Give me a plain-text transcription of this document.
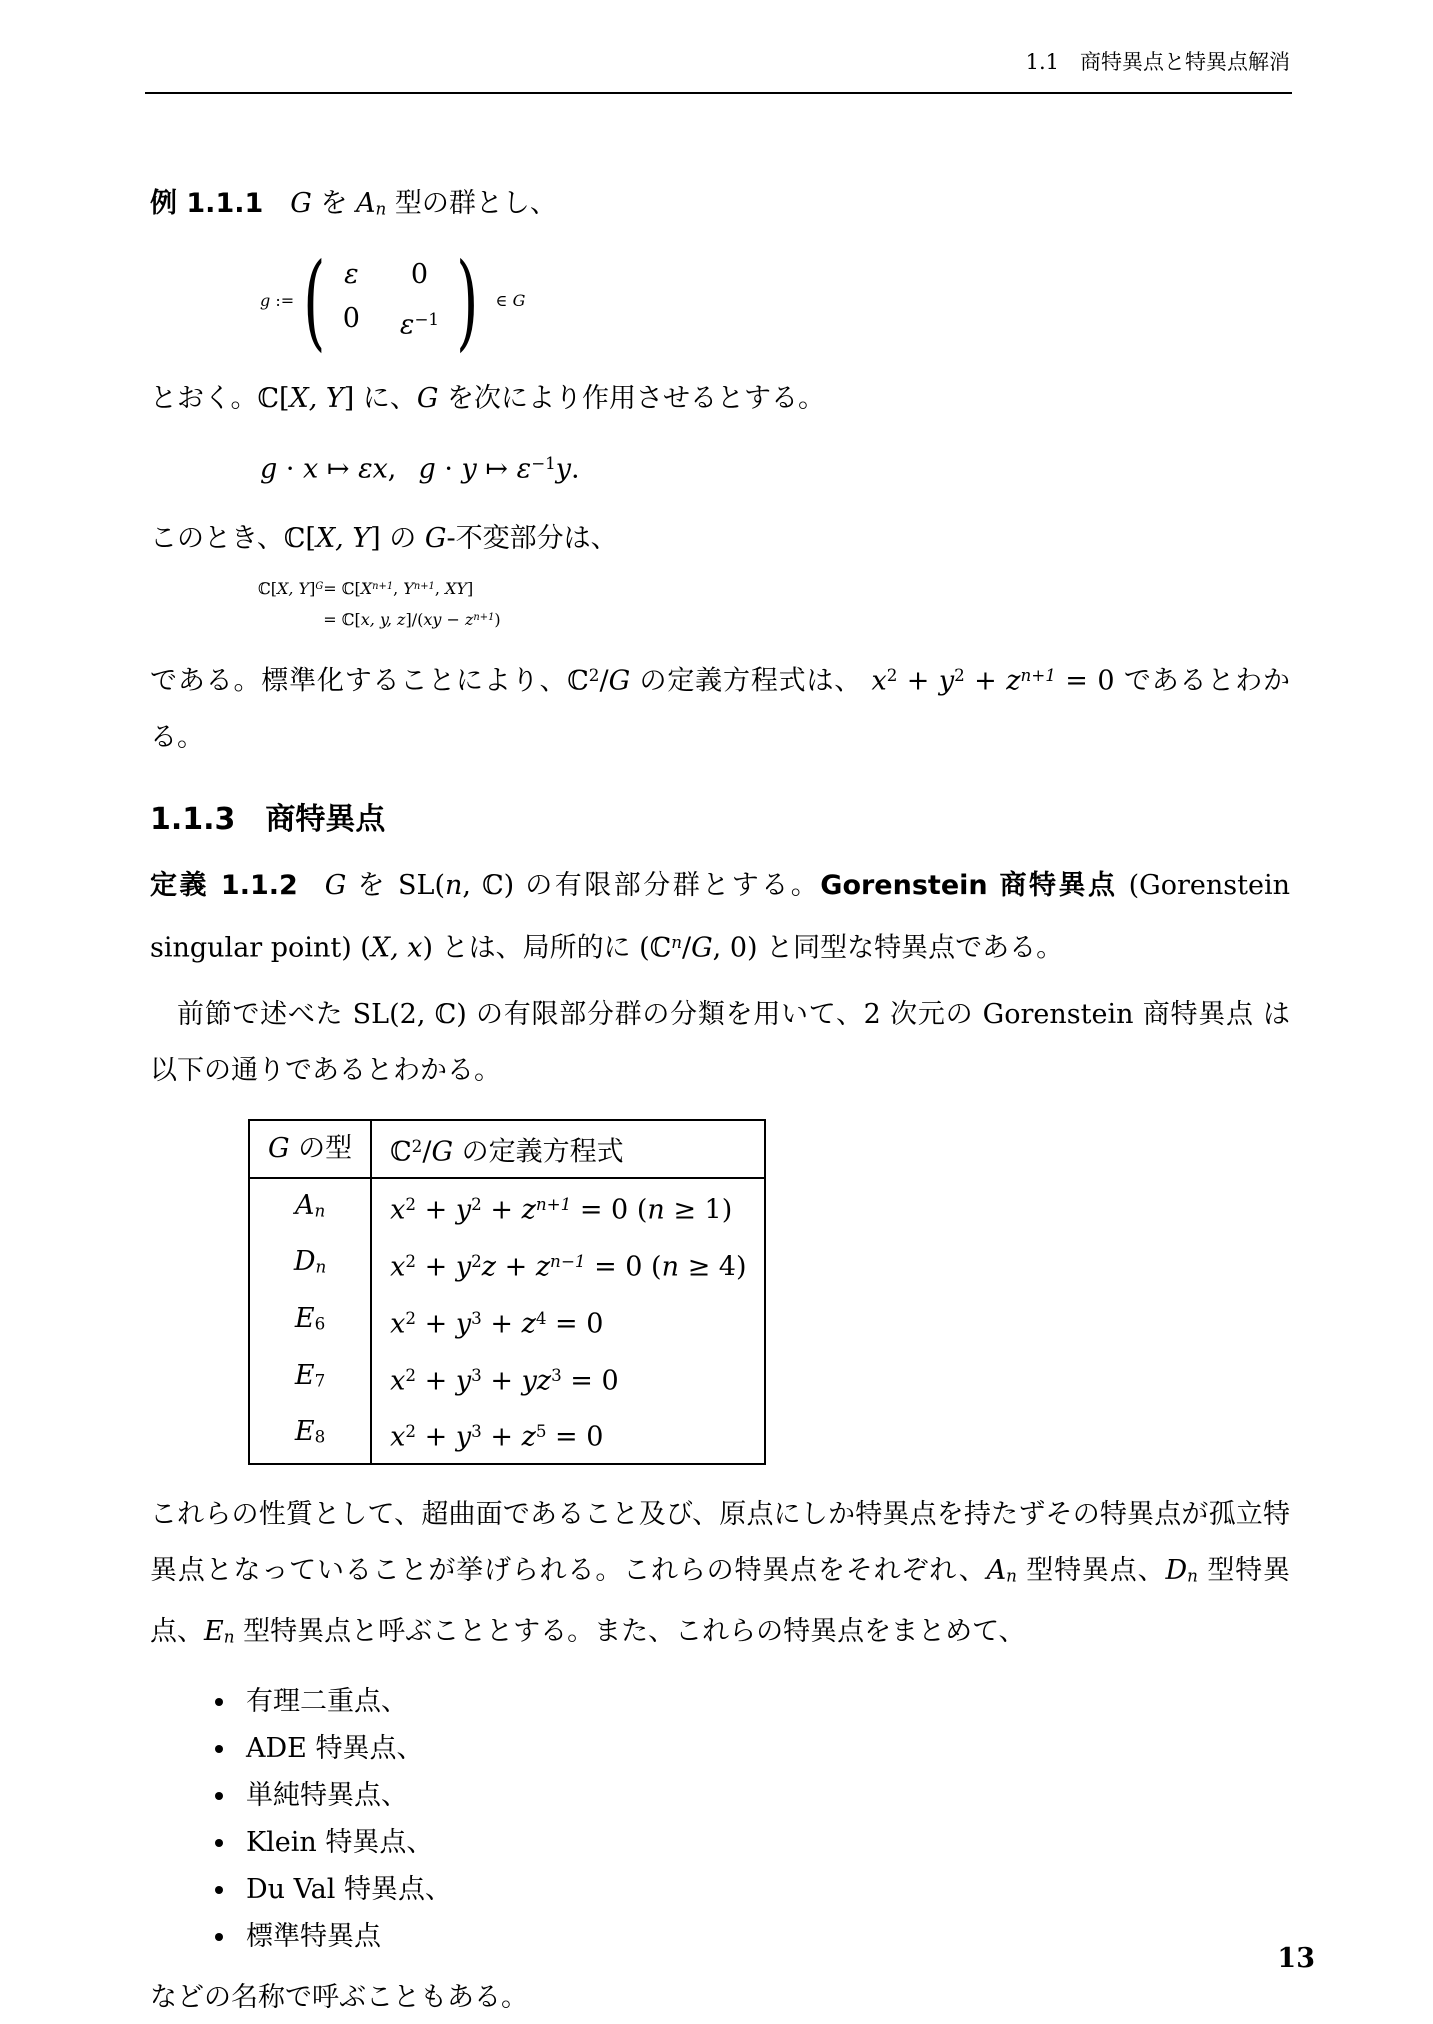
1.1 商特異点と特異点解消

例 1.1.1  G を An 型の群とし、

g := ( ε 0
0 $\varepsilon^{-1}$ )  ∈ G

とおく。ℂ[X, Y] に、G を次により作用させるとする。

g · x ↦ εx,  g · y ↦ $\varepsilon^{-1}y$.

このとき、ℂ[X, Y] の G-不変部分は、

ℂ[X, $Y]^G = ℂ[X^{n+1}$, $Y^{n+1}$, XY]
= ℂ[x, y, $z]/(xy - z^{n+1})$

である。標準化することにより、ℂ$^2$/G の定義方程式は、 $x^2 + y^2 + z^{n+1} = 0$ であるとわかる。

1.1.3 商特異点

定義 1.1.2  G を SL(n, ℂ) の有限部分群とする。Gorenstein 商特異点 (Gorenstein singular point) (X, x) とは、局所的に (ℂ$^n$/G, 0) と同型な特異点である。

前節で述べた SL(2, ℂ) の有限部分群の分類を用いて、2 次元の Gorenstein 商特異点 は以下の通りであるとわかる。

G の型	ℂ$^2$/G の定義方程式
An	$x^2 + y^2 + z^{n+1} = 0$ (n ≥ 1)
Dn	$x^2 + y^2z + z^{n-1} = 0$ (n ≥ 4)
E6	$x^2 + y^3 + z^4 = 0$
E7	$x^2 + y^3 + yz^3 = 0$
E8	$x^2 + y^3 + z^5 = 0$

これらの性質として、超曲面であること及び、原点にしか特異点を持たずその特異点が孤立特異点となっていることが挙げられる。これらの特異点をそれぞれ、An 型特異点、Dn 型特異点、En 型特異点と呼ぶこととする。また、これらの特異点をまとめて、

• 有理二重点、
• ADE 特異点、
• 単純特異点、
• Klein 特異点、
• Du Val 特異点、
• 標準特異点

などの名称で呼ぶこともある。

13
